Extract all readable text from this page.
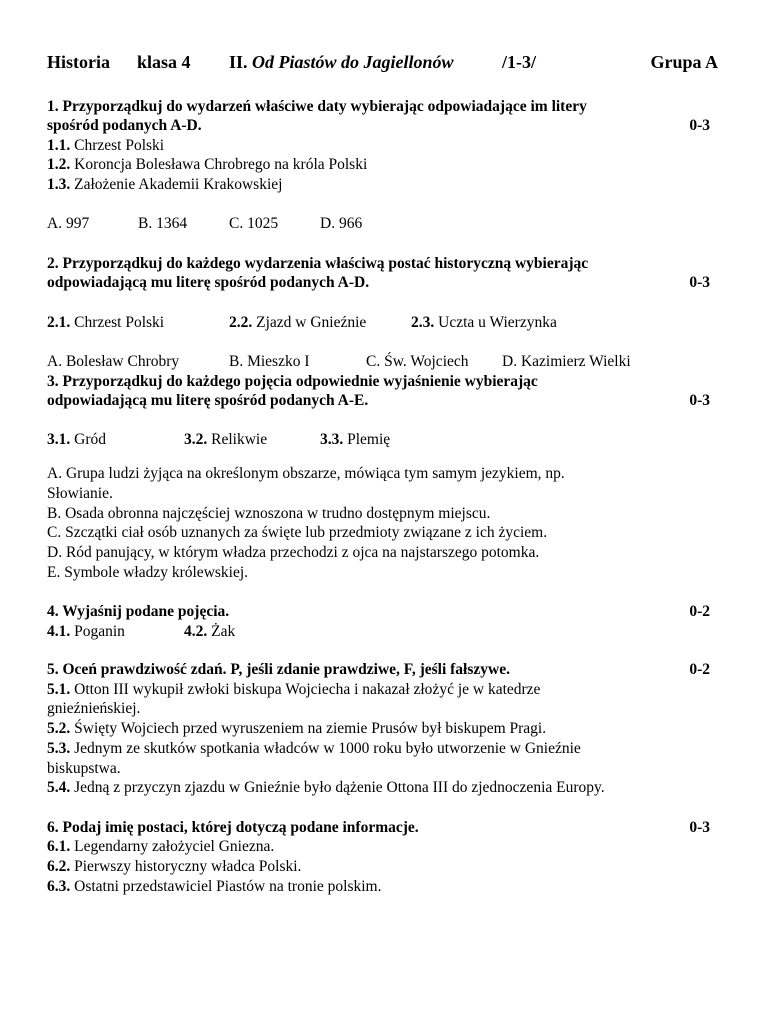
Historia klasa 4 II. Od Piastów do Jagiellonów	/1-3/	Grupa A
1. Przyporządkuj do wydarzeń właściwe daty wybierając odpowiadające im litery
spośród podanych A-D.	0-3
1.1. Chrzest Polski
1.2. Koroncja Bolesława Chrobrego na króla Polski
1.3. Założenie Akademii Krakowskiej
A. 997	B. 1364	C. 1025	D. 966
2. Przyporządkuj do każdego wydarzenia właściwą postać historyczną wybierając
odpowiadającą mu literę spośród podanych A-D.	0-3
2.1. Chrzest Polski	2.2. Zjazd w Gnieźnie	2.3. Uczta u Wierzynka
A. Bolesław Chrobry	B. Mieszko I	C. Św. Wojciech D. Kazimierz Wielki
3. Przyporządkuj do każdego pojęcia odpowiednie wyjaśnienie wybierając
odpowiadającą mu literę spośród podanych A-E.	0-3
3.1. Gród	3.2. Relikwie	3.3. Plemię
A. Grupa ludzi żyjąca na określonym obszarze, mówiąca tym samym jezykiem, np.
Słowianie.
B. Osada obronna najczęściej wznoszona w trudno dostępnym miejscu.
C. Szczątki ciał osób uznanych za święte lub przedmioty związane z ich życiem.
D. Ród panujący, w którym władza przechodzi z ojca na najstarszego potomka.
E. Symbole władzy królewskiej.
4. Wyjaśnij podane pojęcia.	0-2
4.1. Poganin	4.2. Żak
5. Oceń prawdziwość zdań. P, jeśli zdanie prawdziwe, F, jeśli fałszywe.	0-2
5.1. Otton III wykupił zwłoki biskupa Wojciecha i nakazał złożyć je w katedrze
gnieźnieńskiej.
5.2. Święty Wojciech przed wyruszeniem na ziemie Prusów był biskupem Pragi.
5.3. Jednym ze skutków spotkania władców w 1000 roku było utworzenie w Gnieźnie
biskupstwa.
5.4. Jedną z przyczyn zjazdu w Gnieźnie było dążenie Ottona III do zjednoczenia Europy.
6. Podaj imię postaci, której dotyczą podane informacje.	0-3
6.1. Legendarny założyciel Gniezna.
6.2. Pierwszy historyczny władca Polski.
6.3. Ostatni przedstawiciel Piastów na tronie polskim.
